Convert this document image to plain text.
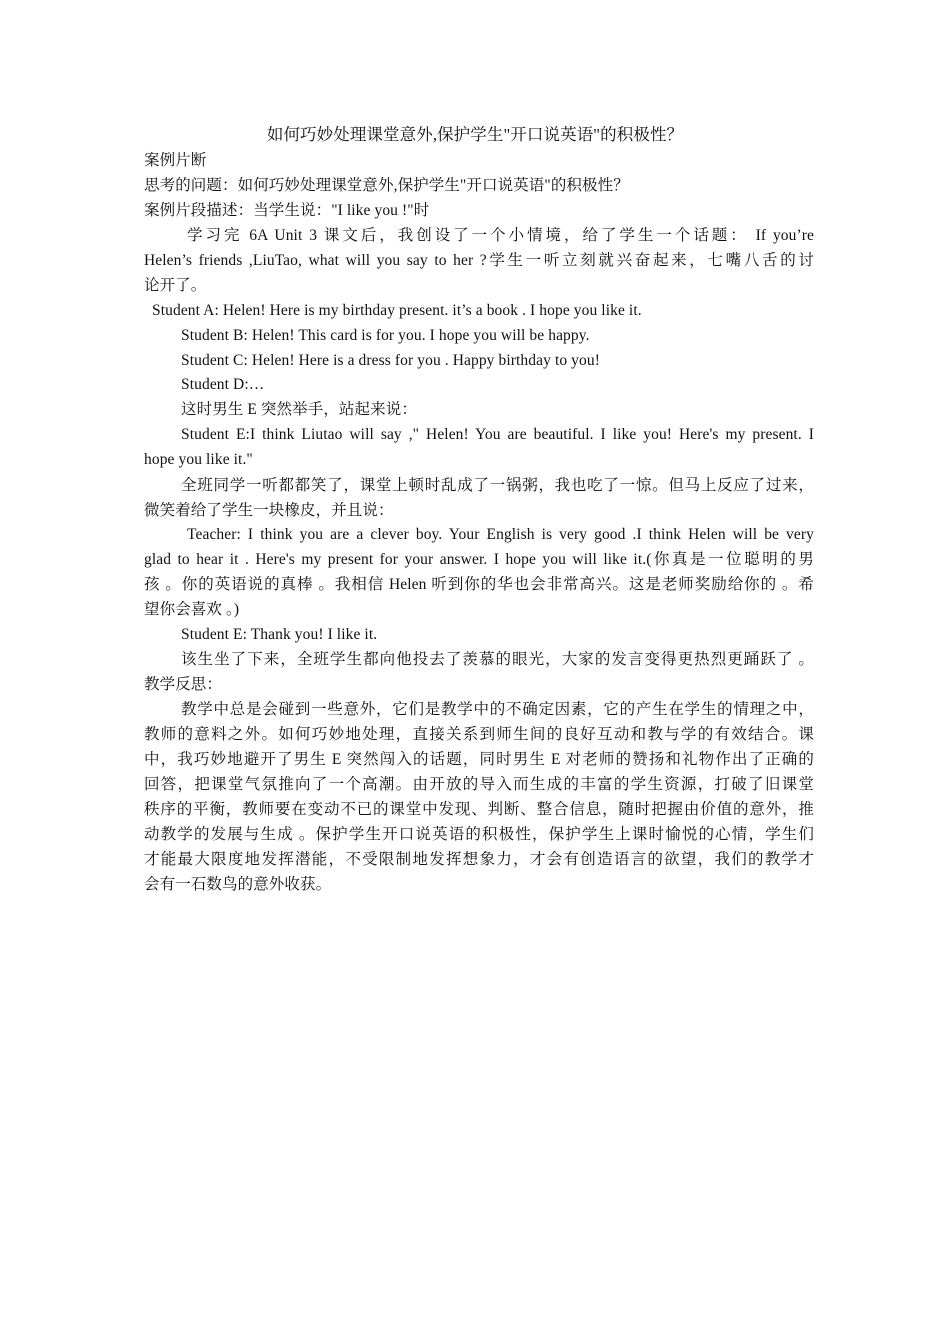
如何巧妙处理课堂意外,保护学生"开口说英语"的积极性？
案例片断
思考的问题：如何巧妙处理课堂意外,保护学生"开口说英语"的积极性？
案例片段描述：当学生说："I like you !"时
学习完 6A Unit 3 课文后，我创设了一个小情境，给了学生一个话题： If you’re
Helen’s friends ,LiuTao, what will you say to her ?学生一听立刻就兴奋起来，七嘴八舌的讨
论开了。
Student A: Helen! Here is my birthday present. it’s a book . I hope you like it.
Student B: Helen! This card is for you. I hope you will be happy.
Student C: Helen! Here is a dress for you . Happy birthday to you!
Student D:…
这时男生 E 突然举手，站起来说：
Student E:I think Liutao will say ," Helen! You are beautiful. I like you! Here's my present. I
hope you like it."
全班同学一听都都笑了，课堂上顿时乱成了一锅粥，我也吃了一惊。但马上反应了过来，
微笑着给了学生一块橡皮，并且说：
Teacher: I think you are a clever boy. Your English is very good .I think Helen will be very
glad to hear it . Here's my present for your answer. I hope you will like it.(你真是一位聪明的男
孩 。你的英语说的真棒 。我相信 Helen 听到你的华也会非常高兴。这是老师奖励给你的 。希
望你会喜欢 。)
Student E: Thank you! I like it.
该生坐了下来，全班学生都向他投去了羡慕的眼光，大家的发言变得更热烈更踊跃了 。
教学反思：
教学中总是会碰到一些意外，它们是教学中的不确定因素，它的产生在学生的情理之中，
教师的意料之外。如何巧妙地处理，直接关系到师生间的良好互动和教与学的有效结合。课
中，我巧妙地避开了男生 E 突然闯入的话题，同时男生 E 对老师的赞扬和礼物作出了正确的
回答，把课堂气氛推向了一个高潮。由开放的导入而生成的丰富的学生资源，打破了旧课堂
秩序的平衡，教师要在变动不已的课堂中发现、判断、整合信息，随时把握由价值的意外，推
动教学的发展与生成 。保护学生开口说英语的积极性，保护学生上课时愉悦的心情，学生们
才能最大限度地发挥潜能，不受限制地发挥想象力，才会有创造语言的欲望，我们的教学才
会有一石数鸟的意外收获。
